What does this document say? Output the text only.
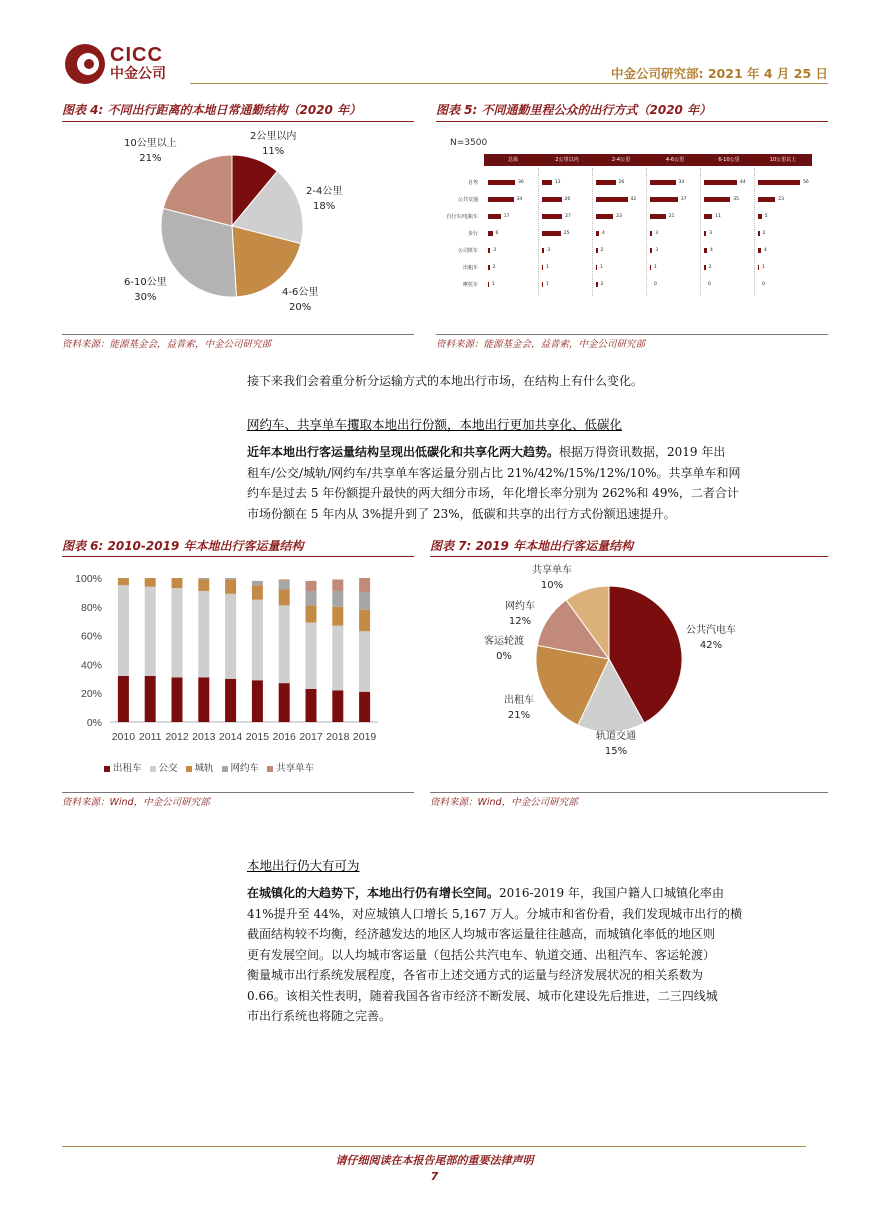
CICC
中金公司	中金公司研究部: 2021 年 4 月 25 日
图表 4: 不同出行距离的本地日常通勤结构（2020 年）
2公里以内
11%
2-4公里
18%
4-6公里
20%
6-10公里
30%
10公里以上
21%
资料来源：能源基金会，益普索，中金公司研究部
图表 5: 不同通勤里程公众的出行方式（2020 年）
N=3500
总体	2公里以内	2-4公里	4-6公里	6-10公里	10公里以上
自驾	36	13	26	34	44	56
公共交通	34	26	42	37	35	23
自行车/电瓶车	17	27	23	21	11	5
步行	6	25	4	3	3	2
公司班车	3	3	2	3	4	4
出租车	2	1	1	1	2	1
摩托车	1	1	2	0	0	0
资料来源：能源基金会，益普索，中金公司研究部
接下来我们会着重分析分运输方式的本地出行市场，在结构上有什么变化。
网约车、共享单车攫取本地出行份额，本地出行更加共享化、低碳化
近年本地出行客运量结构呈现出低碳化和共享化两大趋势。根据万得资讯数据，2019 年出
租车/公交/城轨/网约车/共享单车客运量分别占比 21%/42%/15%/12%/10%。共享单车和网
约车是过去 5 年份额提升最快的两大细分市场，年化增长率分别为 262%和 49%，二者合计
市场份额在 5 年内从 3%提升到了 23%，低碳和共享的出行方式份额迅速提升。
图表 6: 2010-2019 年本地出行客运量结构
0%
20%
40%
60%
80%
100%
2010 2011 2012 2013 2014 2015 2016 2017 2018 2019
出租车 公交 城轨 网约车 共享单车
资料来源：Wind，中金公司研究部
图表 7: 2019 年本地出行客运量结构
公共汽电车
42%
轨道交通
15%
出租车
21%
客运轮渡
0%
网约车
12%
共享单车
10%
资料来源：Wind，中金公司研究部
本地出行仍大有可为
在城镇化的大趋势下，本地出行仍有增长空间。2016-2019 年，我国户籍人口城镇化率由
41%提升至 44%，对应城镇人口增长 5,167 万人。分城市和省份看，我们发现城市出行的横
截面结构较不均衡，经济越发达的地区人均城市客运量往往越高，而城镇化率低的地区则
更有发展空间。以人均城市客运量（包括公共汽电车、轨道交通、出租汽车、客运轮渡）
衡量城市出行系统发展程度，各省市上述交通方式的运量与经济发展状况的相关系数为
0.66。该相关性表明，随着我国各省市经济不断发展、城市化建设先后推进，二三四线城
市出行系统也将随之完善。
请仔细阅读在本报告尾部的重要法律声明
7
